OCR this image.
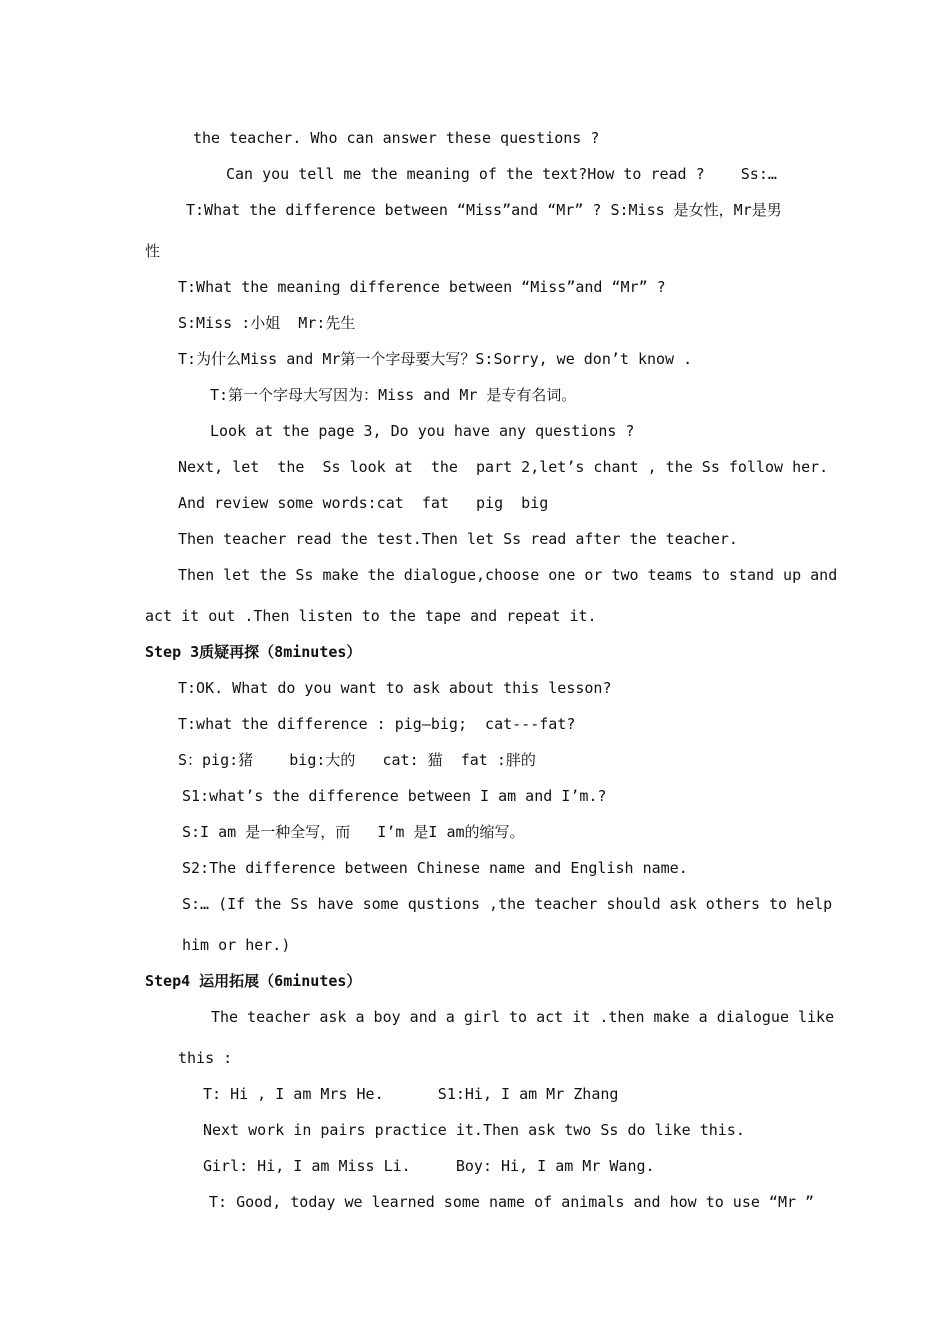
the teacher. Who can answer these questions ?
Can you tell me the meaning of the text?How to read ?    Ss:…
T:What the difference between “Miss”and “Mr” ? S:Miss 是女性，Mr是男
性
T:What the meaning difference between “Miss”and “Mr” ?
S:Miss :小姐  Mr:先生
T:为什么Miss and Mr第一个字母要大写？S:Sorry, we don’t know .
T:第一个字母大写因为：Miss and Mr 是专有名词。
Look at the page 3, Do you have any questions ?
Next, let  the  Ss look at  the  part 2,let’s chant , the Ss follow her.
And review some words:cat  fat   pig  big
Then teacher read the test.Then let Ss read after the teacher.
Then let the Ss make the dialogue,choose one or two teams to stand up and
act it out .Then listen to the tape and repeat it.
Step 3质疑再探（8minutes）
T:OK. What do you want to ask about this lesson?
T:what the difference : pig—big;  cat---fat?
S：pig:猪    big:大的   cat: 猫  fat :胖的
S1:what’s the difference between I am and I’m.?
S:I am 是一种全写，而   I’m 是I am的缩写。
S2:The difference between Chinese name and English name.
S:… (If the Ss have some qustions ,the teacher should ask others to help
him or her.)
Step4 运用拓展（6minutes）
The teacher ask a boy and a girl to act it .then make a dialogue like
this :
T: Hi , I am Mrs He.      S1:Hi, I am Mr Zhang
Next work in pairs practice it.Then ask two Ss do like this.
Girl: Hi, I am Miss Li.     Boy: Hi, I am Mr Wang.
T: Good, today we learned some name of animals and how to use “Mr ”
